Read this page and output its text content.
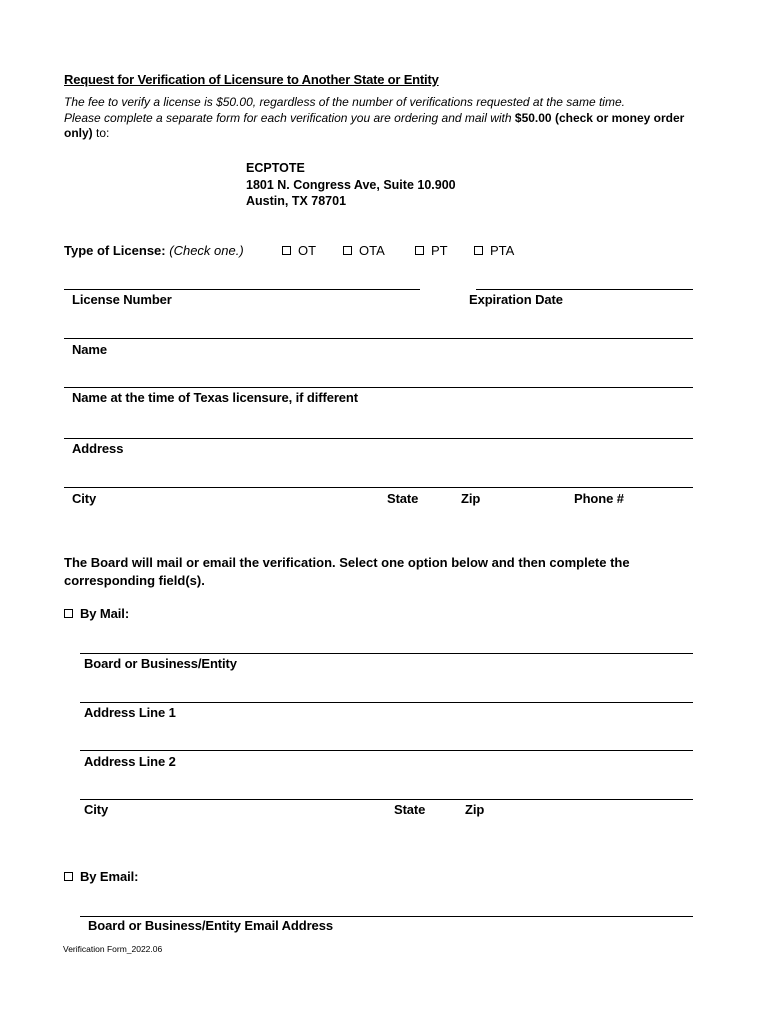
Request for Verification of Licensure to Another State or Entity
The fee to verify a license is $50.00, regardless of the number of verifications requested at the same time.
Please complete a separate form for each verification you are ordering and mail with $50.00 (check or money order only) to:
ECPTOTE
1801 N. Congress Ave, Suite 10.900
Austin, TX 78701
Type of License: (Check one.)	OT	OTA	PT	PTA
License Number	Expiration Date
Name
Name at the time of Texas licensure, if different
Address
City	State	Zip	Phone #
The Board will mail or email the verification. Select one option below and then complete the corresponding field(s).
By Mail:
Board or Business/Entity
Address Line 1
Address Line 2
City	State	Zip
By Email:
Board or Business/Entity Email Address
Verification Form_2022.06
